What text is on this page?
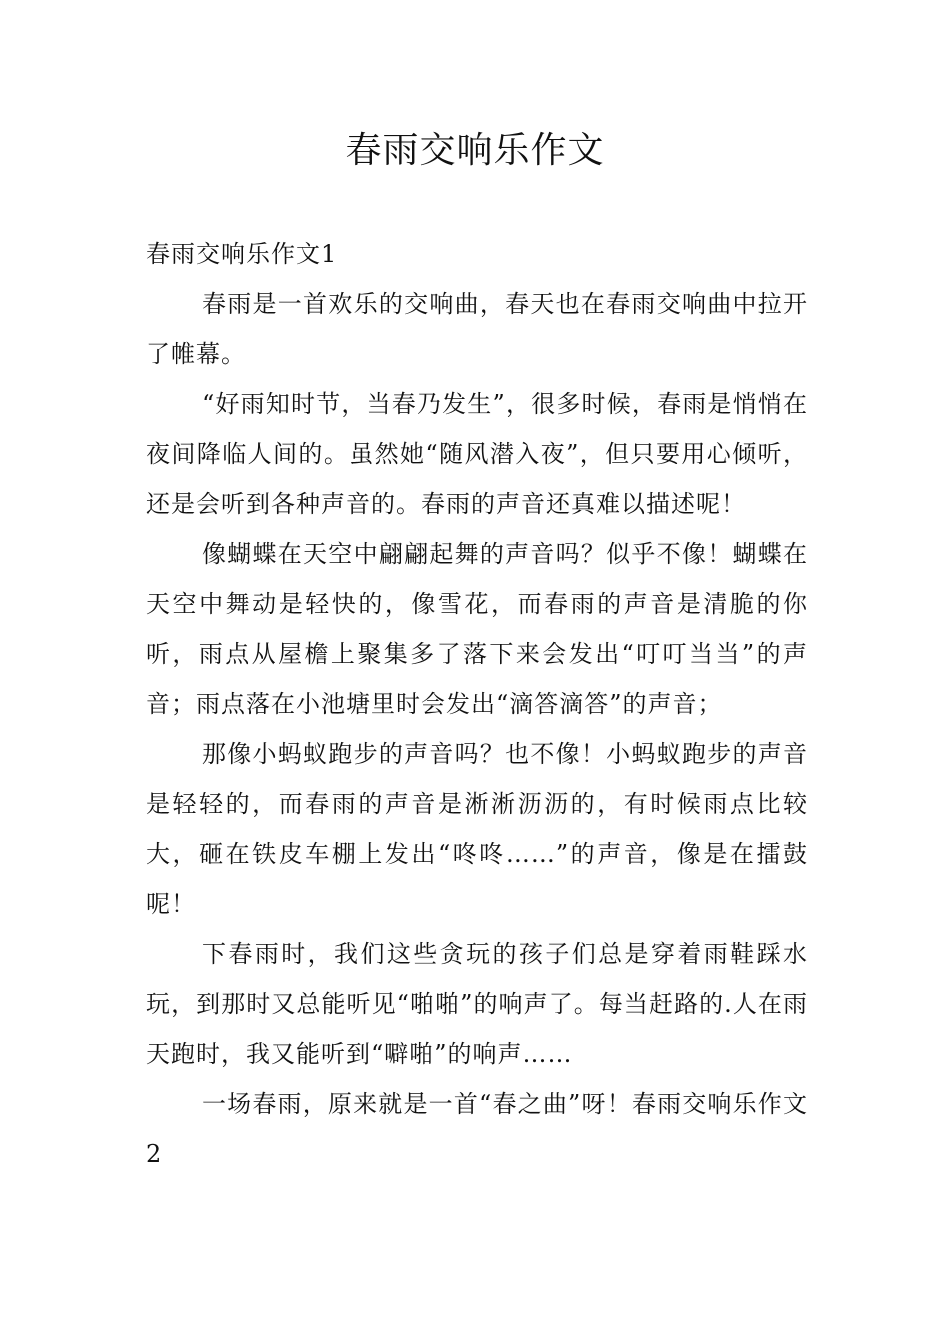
春雨交响乐作文

春雨交响乐作文1

春雨是一首欢乐的交响曲，春天也在春雨交响曲中拉开了帷幕。

“好雨知时节，当春乃发生”，很多时候，春雨是悄悄在夜间降临人间的。虽然她“随风潜入夜”，但只要用心倾听，还是会听到各种声音的。春雨的声音还真难以描述呢！

像蝴蝶在天空中翩翩起舞的声音吗？似乎不像！蝴蝶在天空中舞动是轻快的，像雪花，而春雨的声音是清脆的你听，雨点从屋檐上聚集多了落下来会发出“叮叮当当”的声音；雨点落在小池塘里时会发出“滴答滴答”的声音；

那像小蚂蚁跑步的声音吗？也不像！小蚂蚁跑步的声音是轻轻的，而春雨的声音是淅淅沥沥的，有时候雨点比较大，砸在铁皮车棚上发出“咚咚……”的声音，像是在擂鼓呢！

下春雨时，我们这些贪玩的孩子们总是穿着雨鞋踩水玩，到那时又总能听见“啪啪”的响声了。每当赶路的.人在雨天跑时，我又能听到“噼啪”的响声……

一场春雨，原来就是一首“春之曲”呀！春雨交响乐作文2
